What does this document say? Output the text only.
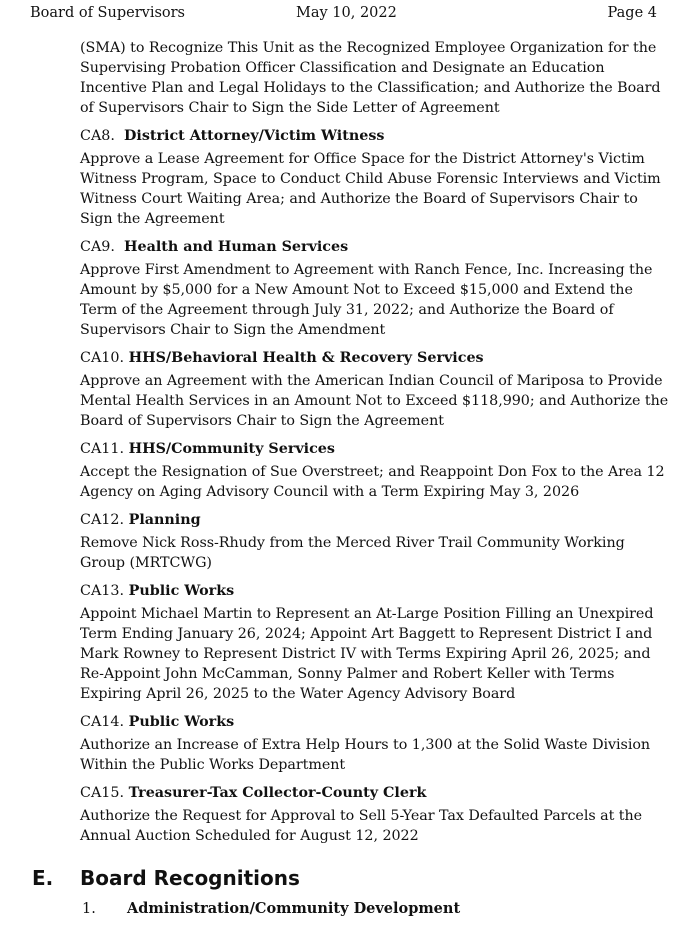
Board of Supervisors	May 10, 2022	Page 4

(SMA) to Recognize This Unit as the Recognized Employee Organization for the Supervising Probation Officer Classification and Designate an Education Incentive Plan and Legal Holidays to the Classification; and Authorize the Board of Supervisors Chair to Sign the Side Letter of Agreement

CA8. District Attorney/Victim Witness

Approve a Lease Agreement for Office Space for the District Attorney's Victim Witness Program, Space to Conduct Child Abuse Forensic Interviews and Victim Witness Court Waiting Area; and Authorize the Board of Supervisors Chair to Sign the Agreement

CA9. Health and Human Services

Approve First Amendment to Agreement with Ranch Fence, Inc. Increasing the Amount by $5,000 for a New Amount Not to Exceed $15,000 and Extend the Term of the Agreement through July 31, 2022; and Authorize the Board of Supervisors Chair to Sign the Amendment

CA10. HHS/Behavioral Health & Recovery Services

Approve an Agreement with the American Indian Council of Mariposa to Provide Mental Health Services in an Amount Not to Exceed $118,990; and Authorize the Board of Supervisors Chair to Sign the Agreement

CA11. HHS/Community Services

Accept the Resignation of Sue Overstreet; and Reappoint Don Fox to the Area 12 Agency on Aging Advisory Council with a Term Expiring May 3, 2026

CA12. Planning

Remove Nick Ross-Rhudy from the Merced River Trail Community Working Group (MRTCWG)

CA13. Public Works

Appoint Michael Martin to Represent an At-Large Position Filling an Unexpired Term Ending January 26, 2024; Appoint Art Baggett to Represent District I and Mark Rowney to Represent District IV with Terms Expiring April 26, 2025; and Re-Appoint John McCamman, Sonny Palmer and Robert Keller with Terms Expiring April 26, 2025 to the Water Agency Advisory Board

CA14. Public Works

Authorize an Increase of Extra Help Hours to 1,300 at the Solid Waste Division Within the Public Works Department

CA15. Treasurer-Tax Collector-County Clerk

Authorize the Request for Approval to Sell 5-Year Tax Defaulted Parcels at the Annual Auction Scheduled for August 12, 2022

E. Board Recognitions
1. Administration/Community Development
